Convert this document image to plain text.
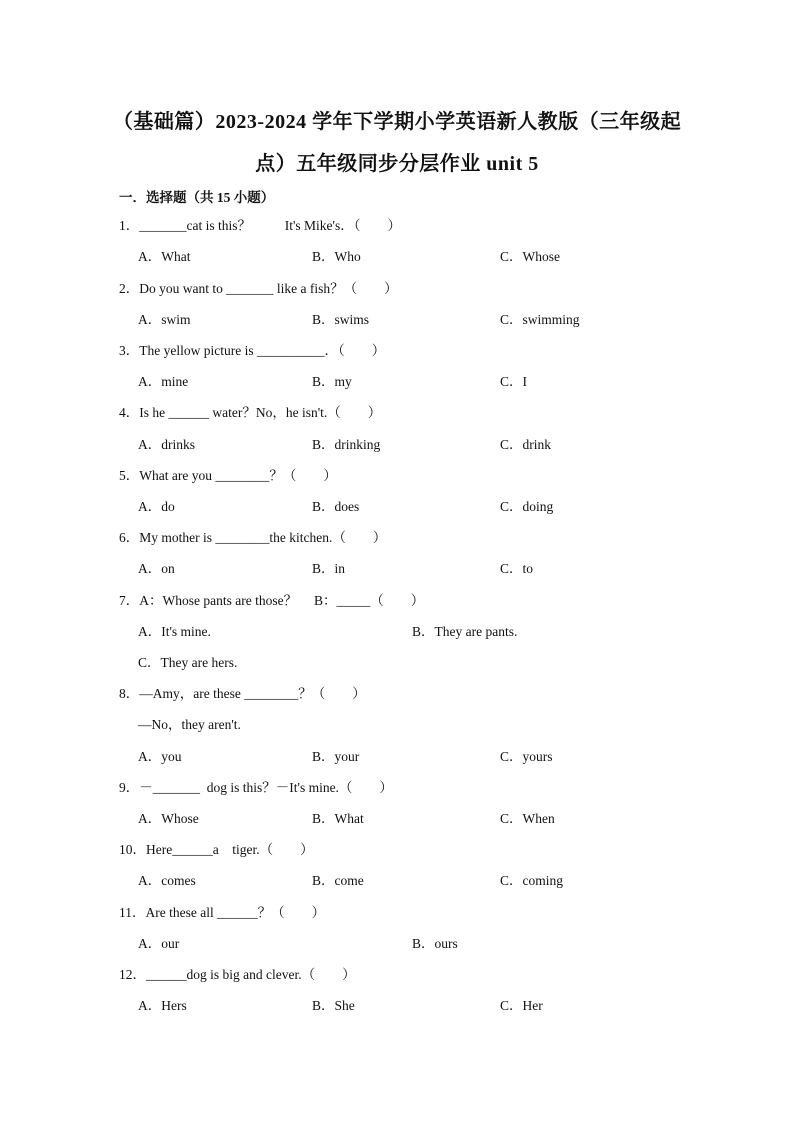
（基础篇）2023-2024 学年下学期小学英语新人教版（三年级起
点）五年级同步分层作业 unit 5
一．选择题（共 15 小题）
1．_______cat is this？          It's Mike's．（　　）
A．What	B．Who	C．Whose
2．Do you want to _______ like a fish？（　　）
A．swim	B．swims	C．swimming
3．The yellow picture is __________．（　　）
A．mine	B．my	C．I
4．Is he ______ water？No，he isn't.（　　）
A．drinks	B．drinking	C．drink
5．What are you ________？（　　）
A．do	B．does	C．doing
6．My mother is ________the kitchen.（　　）
A．on	B．in	C．to
7．A：Whose pants are those？     B：_____（　　）
A．It's mine.	B．They are pants.
C．They are hers.
8．—Amy，are these ________？（　　）
—No，they aren't.
A．you	B．your	C．yours
9．－_______  dog is this？－It's mine.（　　）
A．Whose	B．What	C．When
10．Here______a    tiger.（　　）
A．comes	B．come	C．coming
11．Are these all ______？（　　）
A．our	B．ours
12．______dog is big and clever.（　　）
A．Hers	B．She	C．Her
